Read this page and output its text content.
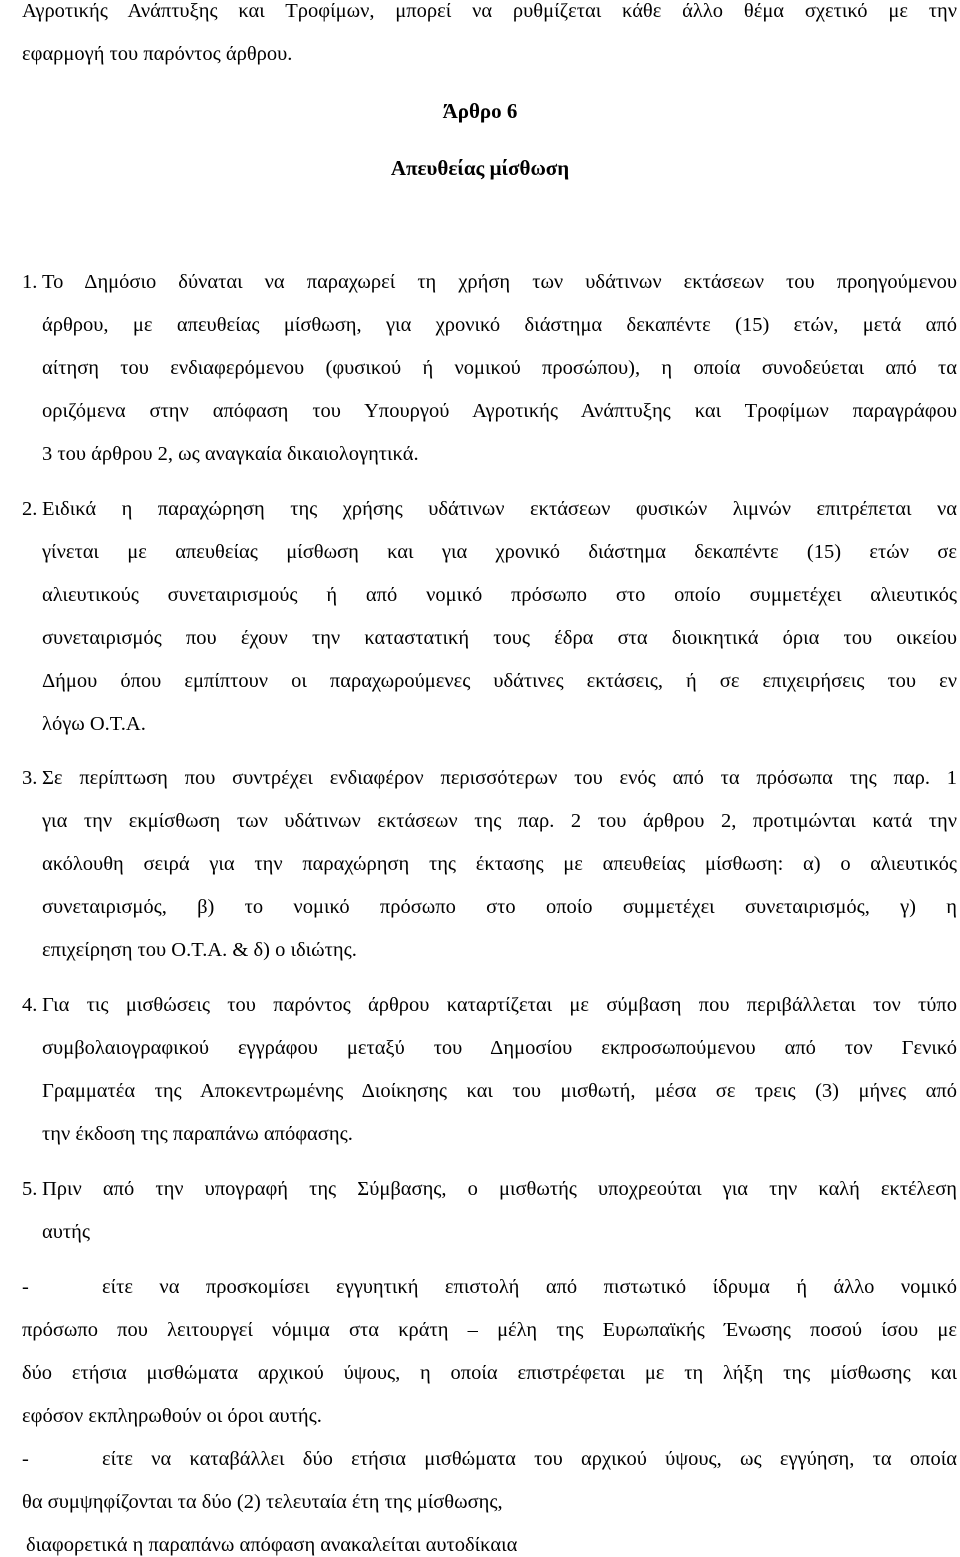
Αγροτικής Ανάπτυξης και Τροφίμων, μπορεί να ρυθμίζεται κάθε άλλο θέμα σχετικό με την
εφαρμογή του παρόντος άρθρου.
Άρθρο 6
Απευθείας μίσθωση
1. Το Δημόσιο δύναται να παραχωρεί τη χρήση των υδάτινων εκτάσεων του προηγούμενου
άρθρου, με απευθείας μίσθωση, για χρονικό διάστημα δεκαπέντε (15) ετών, μετά από
αίτηση του ενδιαφερόμενου (φυσικού ή νομικού προσώπου), η οποία συνοδεύεται από τα
οριζόμενα στην απόφαση του Υπουργού Αγροτικής Ανάπτυξης και Τροφίμων παραγράφου
3 του άρθρου 2, ως αναγκαία δικαιολογητικά.
2. Ειδικά η παραχώρηση της χρήσης υδάτινων εκτάσεων φυσικών λιμνών επιτρέπεται να
γίνεται με απευθείας μίσθωση και για χρονικό διάστημα δεκαπέντε (15) ετών σε
αλιευτικούς συνεταιρισμούς ή από νομικό πρόσωπο στο οποίο συμμετέχει αλιευτικός
συνεταιρισμός που έχουν την καταστατική τους έδρα στα διοικητικά όρια του οικείου
Δήμου όπου εμπίπτουν οι παραχωρούμενες υδάτινες εκτάσεις, ή σε επιχειρήσεις του εν
λόγω Ο.Τ.Α.
3. Σε περίπτωση που συντρέχει ενδιαφέρον περισσότερων του ενός από τα πρόσωπα της παρ. 1
για την εκμίσθωση των υδάτινων εκτάσεων της παρ. 2 του άρθρου 2, προτιμώνται κατά την
ακόλουθη σειρά για την παραχώρηση της έκτασης με απευθείας μίσθωση: α) ο αλιευτικός
συνεταιρισμός, β) το νομικό πρόσωπο στο οποίο συμμετέχει συνεταιρισμός, γ) η
επιχείρηση του Ο.Τ.Α. & δ) ο ιδιώτης.
4. Για τις μισθώσεις του παρόντος άρθρου καταρτίζεται με σύμβαση που περιβάλλεται τον τύπο
συμβολαιογραφικού εγγράφου μεταξύ του Δημοσίου εκπροσωπούμενου από τον Γενικό
Γραμματέα της Αποκεντρωμένης Διοίκησης και του μισθωτή, μέσα σε τρεις (3) μήνες από
την έκδοση της παραπάνω απόφασης.
5. Πριν από την υπογραφή της Σύμβασης, ο μισθωτής υποχρεούται για την καλή εκτέλεση
αυτής
-	είτε να προσκομίσει εγγυητική επιστολή από πιστωτικό ίδρυμα ή άλλο νομικό
πρόσωπο που λειτουργεί νόμιμα στα κράτη – μέλη της Ευρωπαϊκής Ένωσης ποσού ίσου με
δύο ετήσια μισθώματα αρχικού ύψους, η οποία επιστρέφεται με τη λήξη της μίσθωσης και
εφόσον εκπληρωθούν οι όροι αυτής.
-	είτε να καταβάλλει δύο ετήσια μισθώματα του αρχικού ύψους, ως εγγύηση, τα οποία
θα συμψηφίζονται τα δύο (2) τελευταία έτη της μίσθωσης,
διαφορετικά η παραπάνω απόφαση ανακαλείται αυτοδίκαια
